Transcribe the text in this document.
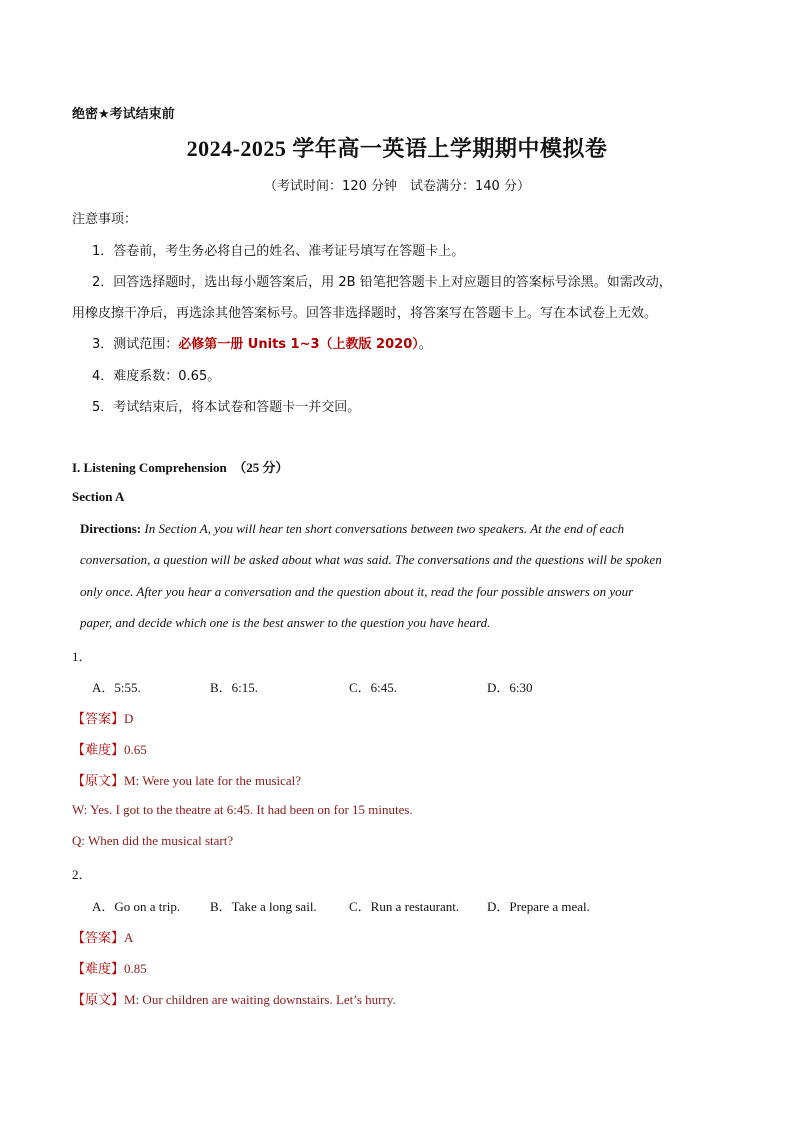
绝密★考试结束前
2024-2025 学年高一英语上学期期中模拟卷
（考试时间：120 分钟　试卷满分：140 分）
注意事项：
1．答卷前，考生务必将自己的姓名、准考证号填写在答题卡上。
2．回答选择题时，选出每小题答案后，用 2B 铅笔把答题卡上对应题目的答案标号涂黑。如需改动，
用橡皮擦干净后，再选涂其他答案标号。回答非选择题时，将答案写在答题卡上。写在本试卷上无效。
3．测试范围：必修第一册 Units 1~3（上教版 2020）。
4．难度系数：0.65。
5．考试结束后，将本试卷和答题卡一并交回。
I. Listening Comprehension　（25 分）
Section A
Directions: In Section A, you will hear ten short conversations between two speakers. At the end of each
conversation, a question will be asked about what was said. The conversations and the questions will be spoken
only once. After you hear a conversation and the question about it, read the four possible answers on your
paper, and decide which one is the best answer to the question you have heard.
1．
A．5:55.	B．6:15.	C．6:45.	D．6:30
【答案】D
【难度】0.65
【原文】M: Were you late for the musical?
W: Yes. I got to the theatre at 6:45. It had been on for 15 minutes.
Q: When did the musical start?
2．
A．Go on a trip. B．Take a long sail. C．Run a restaurant. D．Prepare a meal.
【答案】A
【难度】0.85
【原文】M: Our children are waiting downstairs. Let’s hurry.
